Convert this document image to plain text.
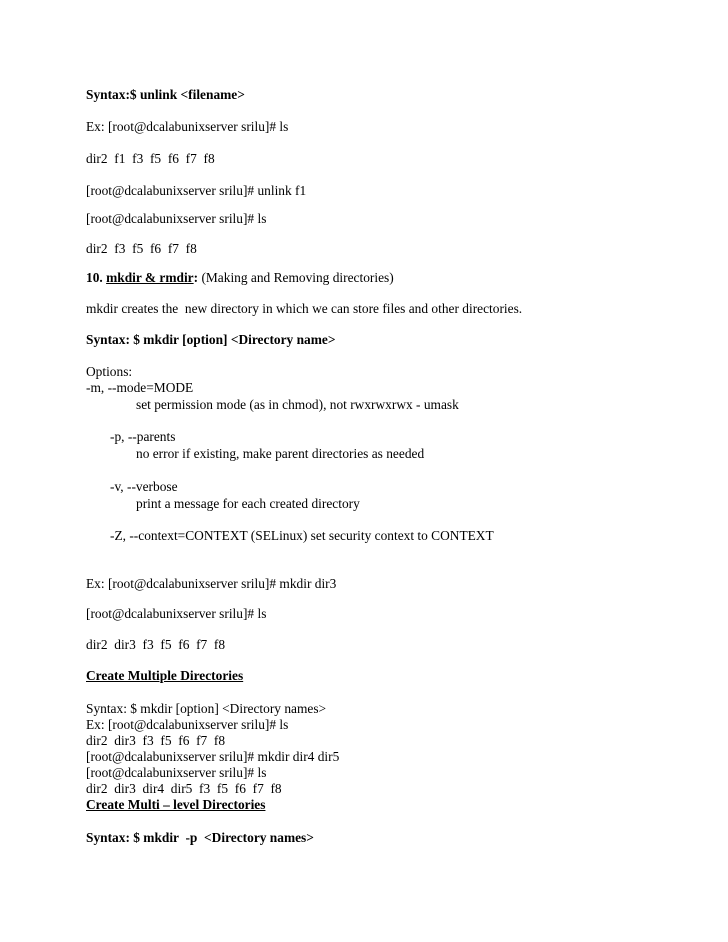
Syntax:$ unlink <filename>
Ex: [root@dcalabunixserver srilu]# ls
dir2  f1  f3  f5  f6  f7  f8
[root@dcalabunixserver srilu]# unlink f1
[root@dcalabunixserver srilu]# ls
dir2  f3  f5  f6  f7  f8
10. mkdir & rmdir: (Making and Removing directories)
mkdir creates the  new directory in which we can store files and other directories.
Syntax: $ mkdir [option] <Directory name>
Options:
-m, --mode=MODE
set permission mode (as in chmod), not rwxrwxrwx - umask
-p, --parents
no error if existing, make parent directories as needed
-v, --verbose
print a message for each created directory
-Z, --context=CONTEXT (SELinux) set security context to CONTEXT
Ex: [root@dcalabunixserver srilu]# mkdir dir3
[root@dcalabunixserver srilu]# ls
dir2  dir3  f3  f5  f6  f7  f8
Create Multiple Directories
Syntax: $ mkdir [option] <Directory names>
Ex: [root@dcalabunixserver srilu]# ls
dir2  dir3  f3  f5  f6  f7  f8
[root@dcalabunixserver srilu]# mkdir dir4 dir5
[root@dcalabunixserver srilu]# ls
dir2  dir3  dir4  dir5  f3  f5  f6  f7  f8
Create Multi – level Directories
Syntax: $ mkdir  -p  <Directory names>
